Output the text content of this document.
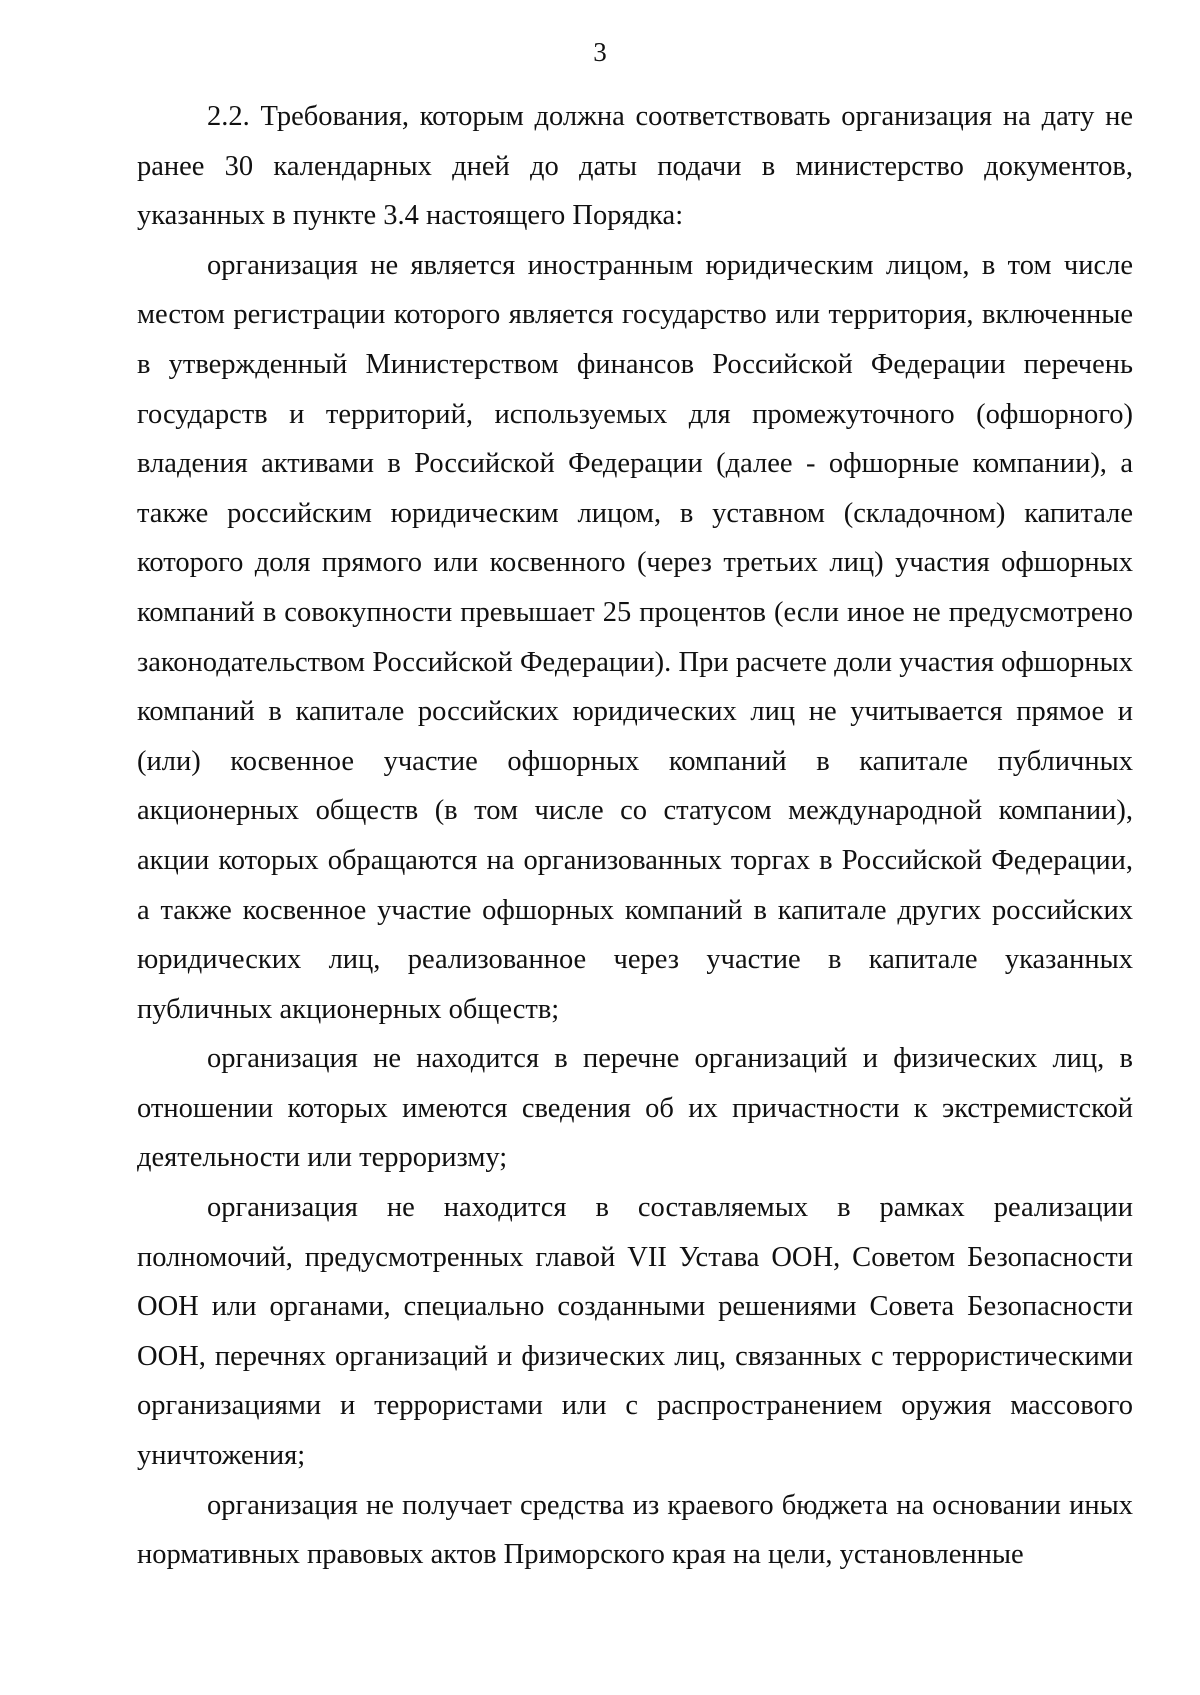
3

2.2. Требования, которым должна соответствовать организация на дату не ранее 30 календарных дней до даты подачи в министерство документов, указанных в пункте 3.4 настоящего Порядка:

организация не является иностранным юридическим лицом, в том числе местом регистрации которого является государство или территория, включенные в утвержденный Министерством финансов Российской Федерации перечень государств и территорий, используемых для промежуточного (офшорного) владения активами в Российской Федерации (далее - офшорные компании), а также российским юридическим лицом, в уставном (складочном) капитале которого доля прямого или косвенного (через третьих лиц) участия офшорных компаний в совокупности превышает 25 процентов (если иное не предусмотрено законодательством Российской Федерации). При расчете доли участия офшорных компаний в капитале российских юридических лиц не учитывается прямое и (или) косвенное участие офшорных компаний в капитале публичных акционерных обществ (в том числе со статусом международной компании), акции которых обращаются на организованных торгах в Российской Федерации, а также косвенное участие офшорных компаний в капитале других российских юридических лиц, реализованное через участие в капитале указанных публичных акционерных обществ;

организация не находится в перечне организаций и физических лиц, в отношении которых имеются сведения об их причастности к экстремистской деятельности или терроризму;

организация не находится в составляемых в рамках реализации полномочий, предусмотренных главой VII Устава ООН, Советом Безопасности ООН или органами, специально созданными решениями Совета Безопасности ООН, перечнях организаций и физических лиц, связанных с террористическими организациями и террористами или с распространением оружия массового уничтожения;

организация не получает средства из краевого бюджета на основании иных нормативных правовых актов Приморского края на цели, установленные
